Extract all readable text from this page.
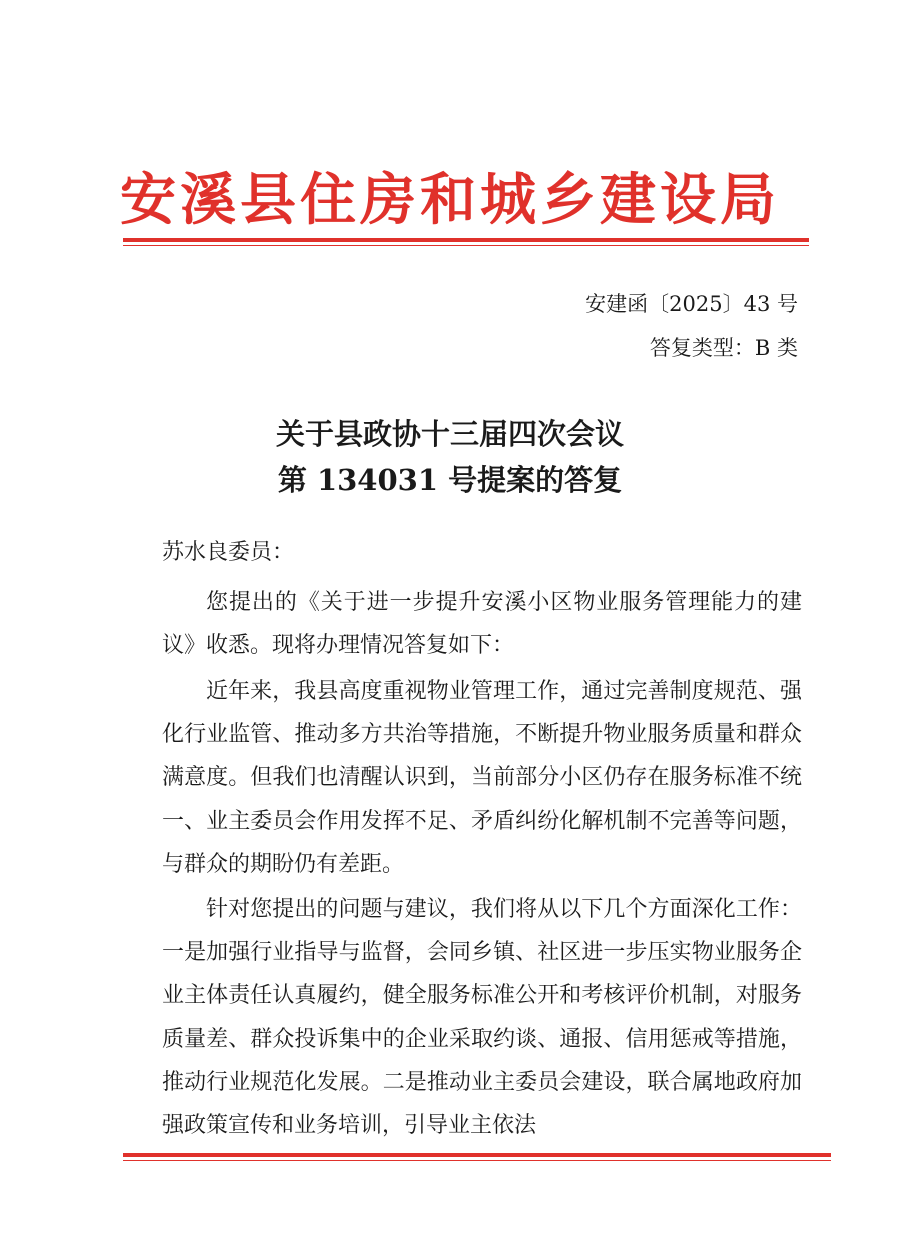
安溪县住房和城乡建设局

安建函〔2025〕43 号

答复类型：B 类

关于县政协十三届四次会议
第 134031 号提案的答复

苏水良委员：

您提出的《关于进一步提升安溪小区物业服务管理能力的建议》收悉。现将办理情况答复如下：

近年来，我县高度重视物业管理工作，通过完善制度规范、强化行业监管、推动多方共治等措施，不断提升物业服务质量和群众满意度。但我们也清醒认识到，当前部分小区仍存在服务标准不统一、业主委员会作用发挥不足、矛盾纠纷化解机制不完善等问题，与群众的期盼仍有差距。

针对您提出的问题与建议，我们将从以下几个方面深化工作：一是加强行业指导与监督，会同乡镇、社区进一步压实物业服务企业主体责任认真履约，健全服务标准公开和考核评价机制，对服务质量差、群众投诉集中的企业采取约谈、通报、信用惩戒等措施，推动行业规范化发展。二是推动业主委员会建设，联合属地政府加强政策宣传和业务培训，引导业主依法
